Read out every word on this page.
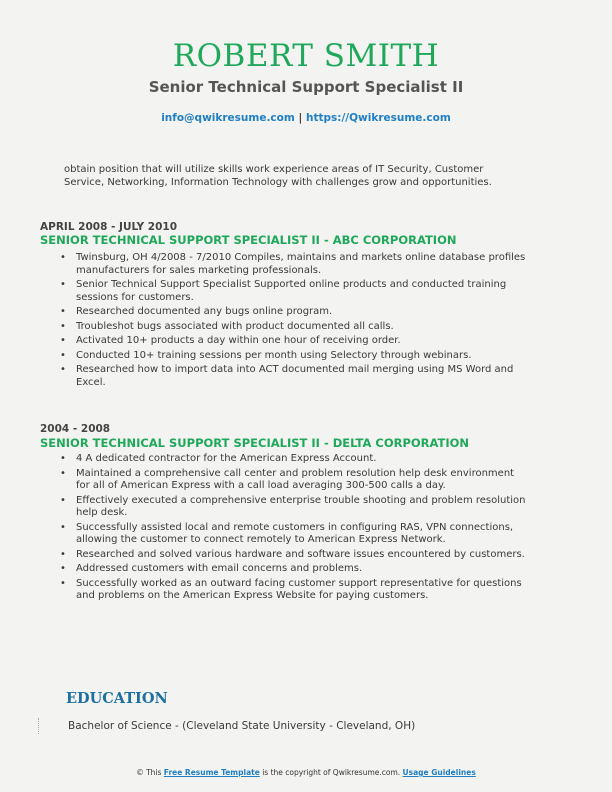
ROBERT SMITH
Senior Technical Support Specialist II
info@qwikresume.com | https://Qwikresume.com
obtain position that will utilize skills work experience areas of IT Security, Customer Service, Networking, Information Technology with challenges grow and opportunities.
APRIL 2008 - JULY 2010
SENIOR TECHNICAL SUPPORT SPECIALIST II - ABC CORPORATION
• Twinsburg, OH 4/2008 - 7/2010 Compiles, maintains and markets online database profiles manufacturers for sales marketing professionals.
• Senior Technical Support Specialist Supported online products and conducted training sessions for customers.
• Researched documented any bugs online program.
• Troubleshot bugs associated with product documented all calls.
• Activated 10+ products a day within one hour of receiving order.
• Conducted 10+ training sessions per month using Selectory through webinars.
• Researched how to import data into ACT documented mail merging using MS Word and Excel.
2004 - 2008
SENIOR TECHNICAL SUPPORT SPECIALIST II - DELTA CORPORATION
• 4 A dedicated contractor for the American Express Account.
• Maintained a comprehensive call center and problem resolution help desk environment for all of American Express with a call load averaging 300-500 calls a day.
• Effectively executed a comprehensive enterprise trouble shooting and problem resolution help desk.
• Successfully assisted local and remote customers in configuring RAS, VPN connections, allowing the customer to connect remotely to American Express Network.
• Researched and solved various hardware and software issues encountered by customers.
• Addressed customers with email concerns and problems.
• Successfully worked as an outward facing customer support representative for questions and problems on the American Express Website for paying customers.
EDUCATION
Bachelor of Science - (Cleveland State University - Cleveland, OH)
© This Free Resume Template is the copyright of Qwikresume.com. Usage Guidelines
